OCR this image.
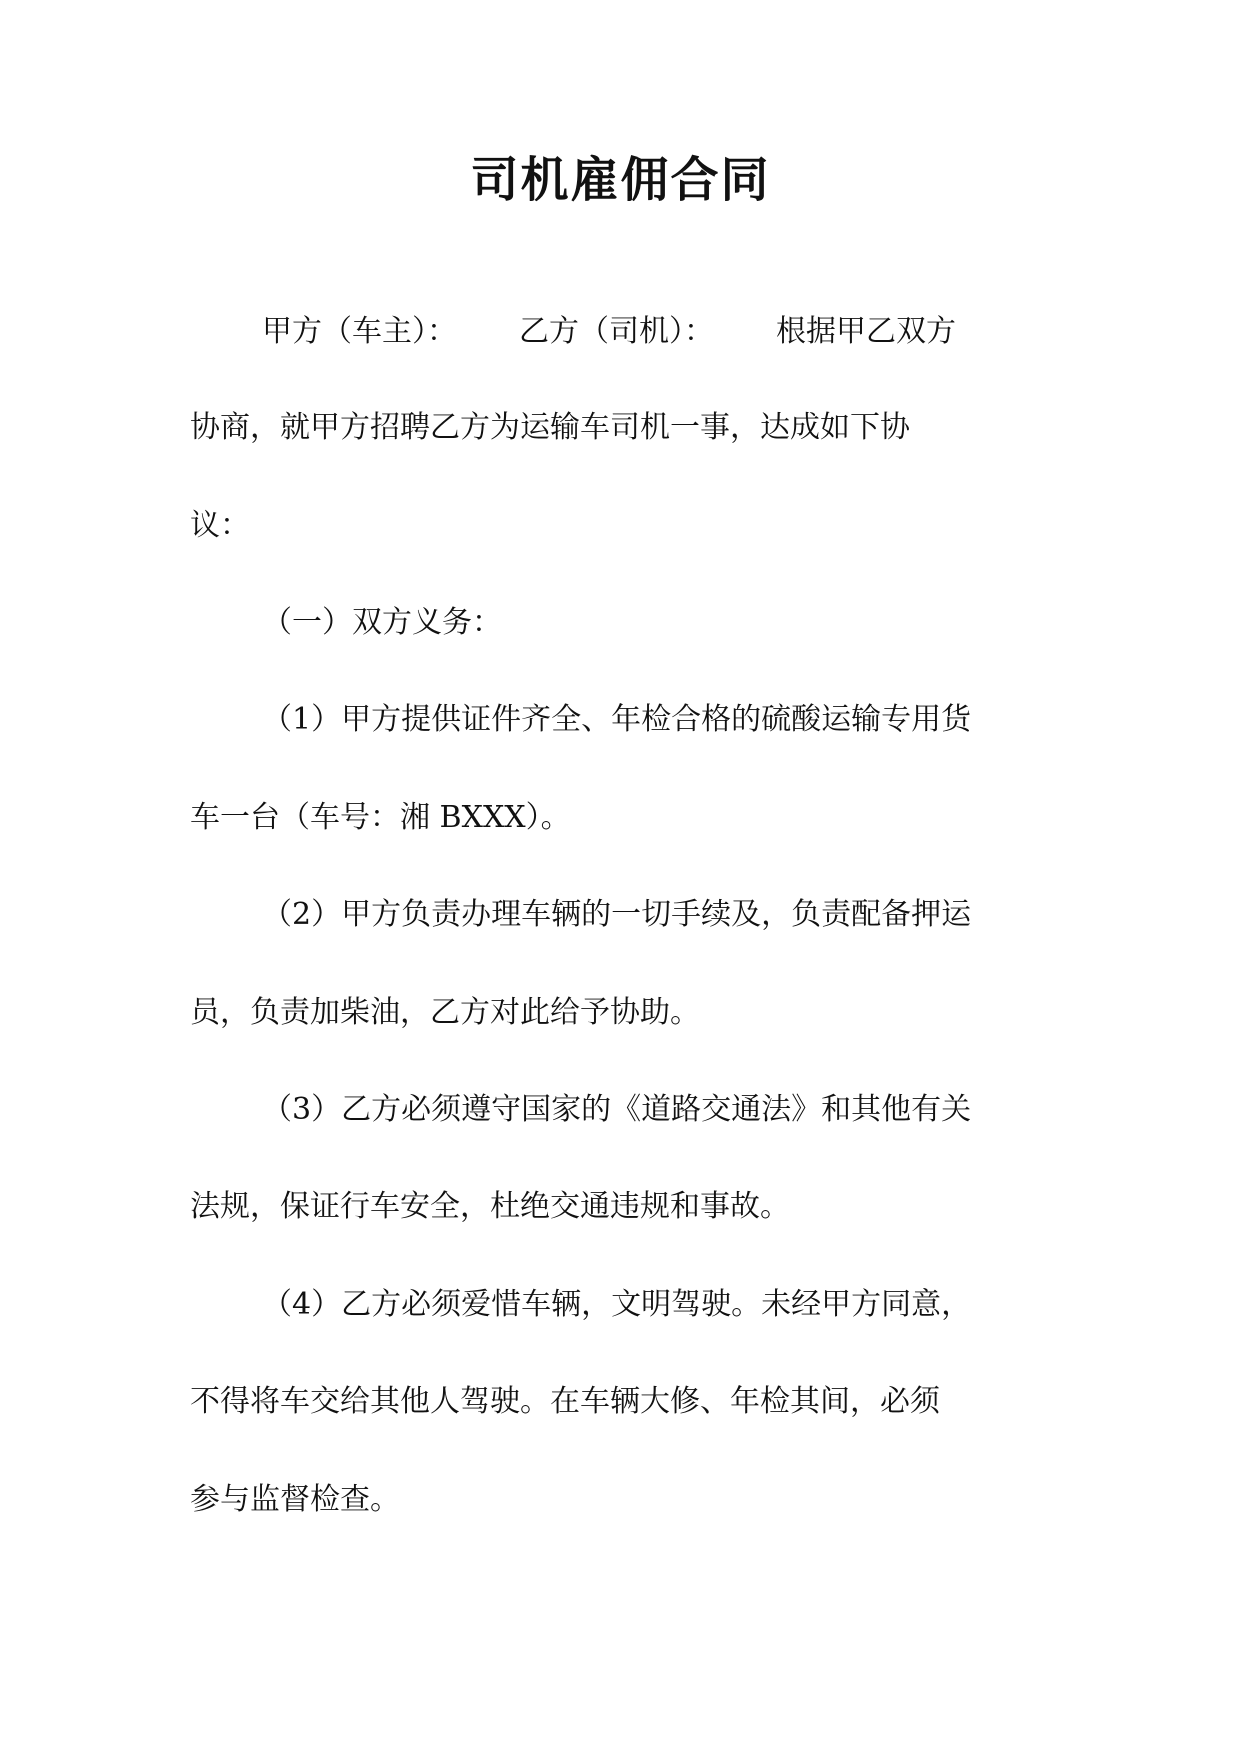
司机雇佣合同
甲方（车主）： 乙方（司机）： 根据甲乙双方
协商，就甲方招聘乙方为运输车司机一事，达成如下协
议：
（一）双方义务：
（1）甲方提供证件齐全、年检合格的硫酸运输专用货
车一台（车号：湘 BXXX）。
（2）甲方负责办理车辆的一切手续及，负责配备押运
员，负责加柴油，乙方对此给予协助。
（3）乙方必须遵守国家的《道路交通法》和其他有关
法规，保证行车安全，杜绝交通违规和事故。
（4）乙方必须爱惜车辆，文明驾驶。未经甲方同意，
不得将车交给其他人驾驶。在车辆大修、年检其间，必须
参与监督检查。
